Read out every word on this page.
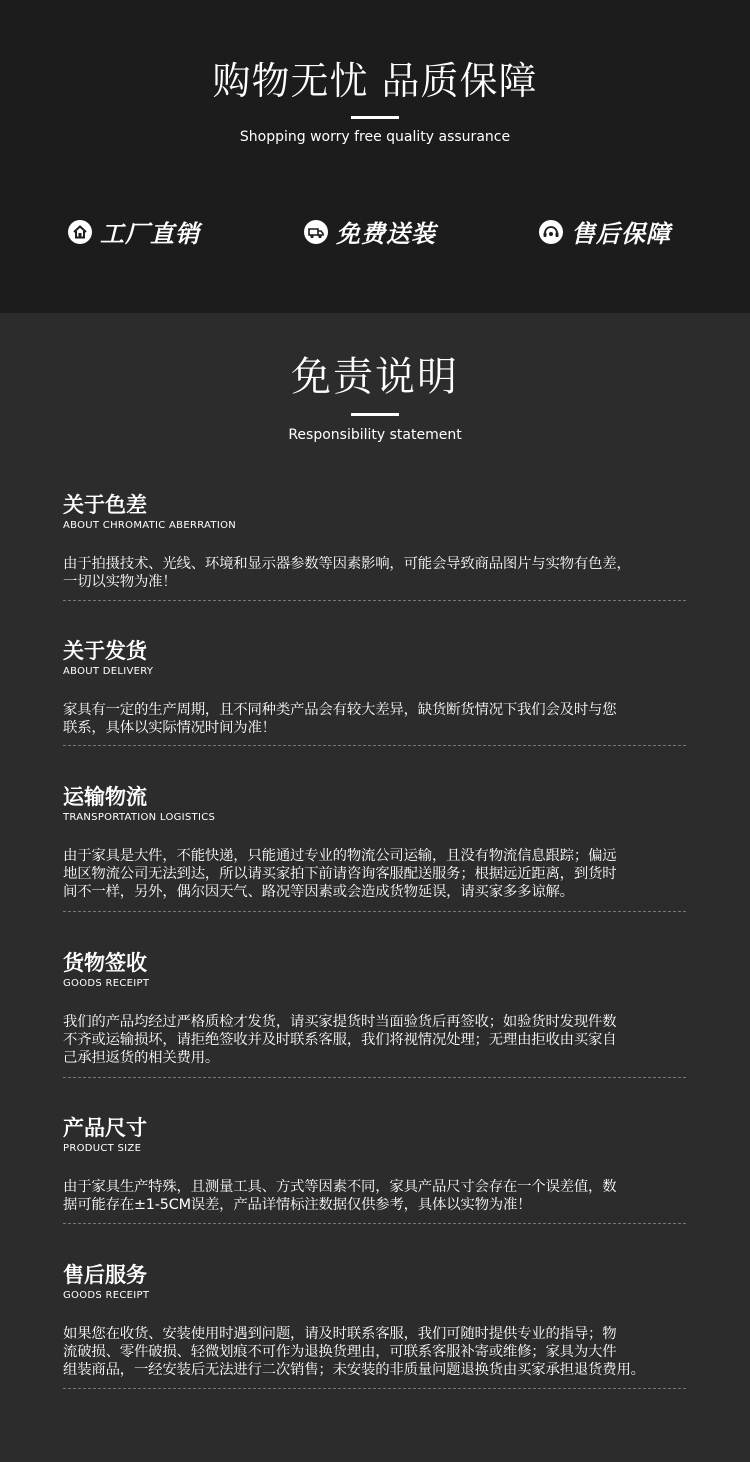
购物无忧 品质保障
Shopping worry free quality assurance
工厂直销	免费送装	售后保障
免责说明
Responsibility statement
关于色差
ABOUT CHROMATIC ABERRATION
由于拍摄技术、光线、环境和显示器参数等因素影响，可能会导致商品图片与实物有色差，
一切以实物为准！
关于发货
ABOUT DELIVERY
家具有一定的生产周期，且不同种类产品会有较大差异，缺货断货情况下我们会及时与您
联系，具体以实际情况时间为准！
运输物流
TRANSPORTATION LOGISTICS
由于家具是大件，不能快递，只能通过专业的物流公司运输，且没有物流信息跟踪；偏远
地区物流公司无法到达，所以请买家拍下前请咨询客服配送服务；根据远近距离，到货时
间不一样，另外，偶尔因天气、路况等因素或会造成货物延误，请买家多多谅解。
货物签收
GOODS RECEIPT
我们的产品均经过严格质检才发货，请买家提货时当面验货后再签收；如验货时发现件数
不齐或运输损坏，请拒绝签收并及时联系客服，我们将视情况处理；无理由拒收由买家自
己承担返货的相关费用。
产品尺寸
PRODUCT SIZE
由于家具生产特殊，且测量工具、方式等因素不同，家具产品尺寸会存在一个误差值，数
据可能存在±1-5CM误差，产品详情标注数据仅供参考，具体以实物为准！
售后服务
GOODS RECEIPT
如果您在收货、安装使用时遇到问题，请及时联系客服，我们可随时提供专业的指导；物
流破损、零件破损、轻微划痕不可作为退换货理由，可联系客服补寄或维修；家具为大件
组装商品，一经安装后无法进行二次销售；未安装的非质量问题退换货由买家承担退货费用。
